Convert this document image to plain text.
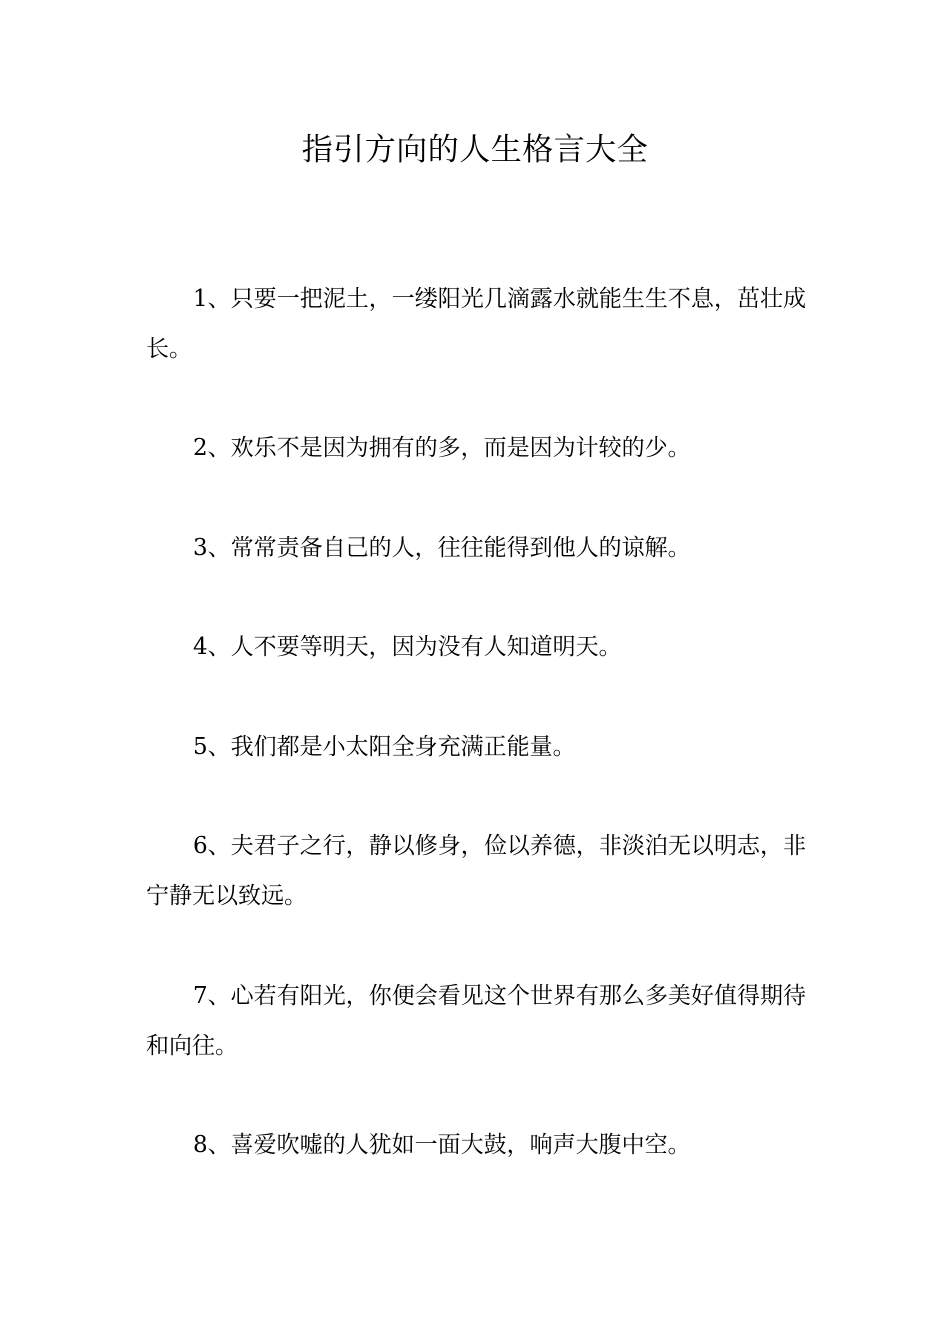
指引方向的人生格言大全

1、只要一把泥土，一缕阳光几滴露水就能生生不息，茁壮成长。

2、欢乐不是因为拥有的多，而是因为计较的少。

3、常常责备自己的人，往往能得到他人的谅解。

4、人不要等明天，因为没有人知道明天。

5、我们都是小太阳全身充满正能量。

6、夫君子之行，静以修身，俭以养德，非淡泊无以明志，非宁静无以致远。

7、心若有阳光，你便会看见这个世界有那么多美好值得期待和向往。

8、喜爱吹嘘的人犹如一面大鼓，响声大腹中空。
